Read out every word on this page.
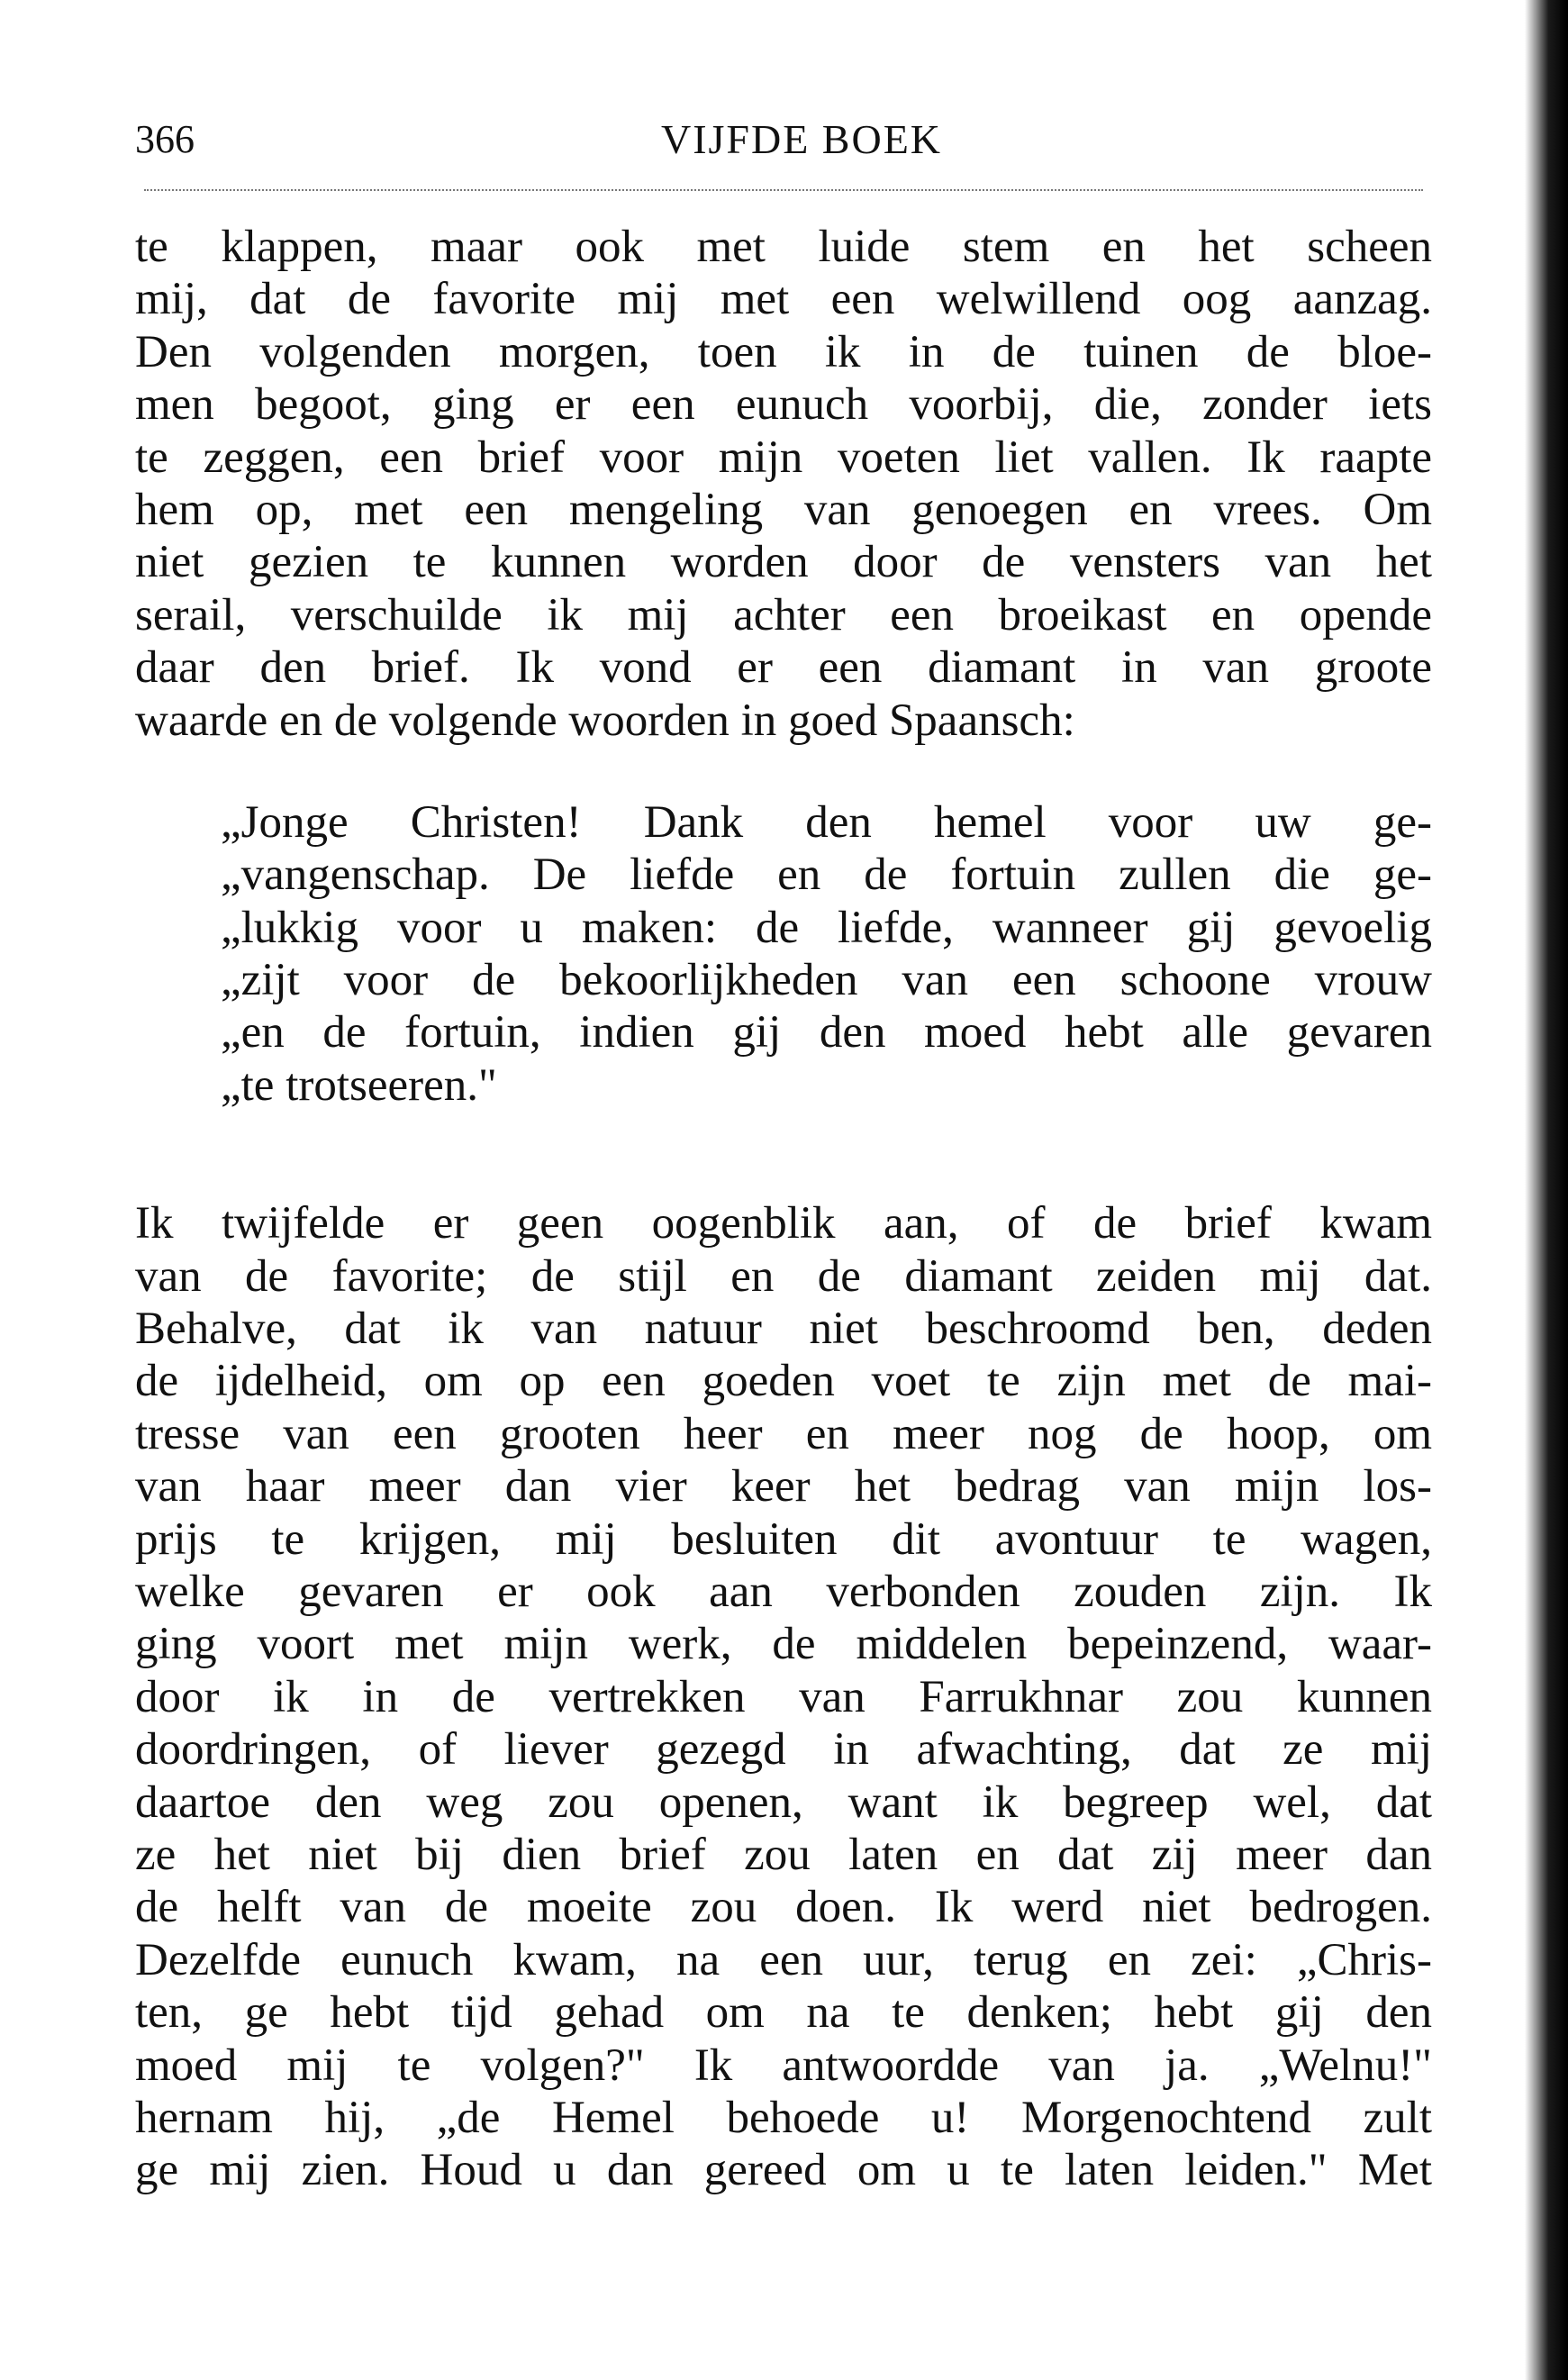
366	VIJFDE BOEK
te klappen, maar ook met luide stem en het scheen
mij, dat de favorite mij met een welwillend oog aanzag.
Den volgenden morgen, toen ik in de tuinen de bloe-
men begoot, ging er een eunuch voorbij, die, zonder iets
te zeggen, een brief voor mijn voeten liet vallen. Ik raapte
hem op, met een mengeling van genoegen en vrees. Om
niet gezien te kunnen worden door de vensters van het
serail, verschuilde ik mij achter een broeikast en opende
daar den brief. Ik vond er een diamant in van groote
waarde en de volgende woorden in goed Spaansch:
„Jonge Christen! Dank den hemel voor uw ge-
„vangenschap. De liefde en de fortuin zullen die ge-
„lukkig voor u maken: de liefde, wanneer gij gevoelig
„zijt voor de bekoorlijkheden van een schoone vrouw
„en de fortuin, indien gij den moed hebt alle gevaren
„te trotseeren."
Ik twijfelde er geen oogenblik aan, of de brief kwam
van de favorite; de stijl en de diamant zeiden mij dat.
Behalve, dat ik van natuur niet beschroomd ben, deden
de ijdelheid, om op een goeden voet te zijn met de mai-
tresse van een grooten heer en meer nog de hoop, om
van haar meer dan vier keer het bedrag van mijn los-
prijs te krijgen, mij besluiten dit avontuur te wagen,
welke gevaren er ook aan verbonden zouden zijn. Ik
ging voort met mijn werk, de middelen bepeinzend, waar-
door ik in de vertrekken van Farrukhnar zou kunnen
doordringen, of liever gezegd in afwachting, dat ze mij
daartoe den weg zou openen, want ik begreep wel, dat
ze het niet bij dien brief zou laten en dat zij meer dan
de helft van de moeite zou doen. Ik werd niet bedrogen.
Dezelfde eunuch kwam, na een uur, terug en zei: „Chris-
ten, ge hebt tijd gehad om na te denken; hebt gij den
moed mij te volgen?" Ik antwoordde van ja. „Welnu!"
hernam hij, „de Hemel behoede u! Morgenochtend zult
ge mij zien. Houd u dan gereed om u te laten leiden." Met
